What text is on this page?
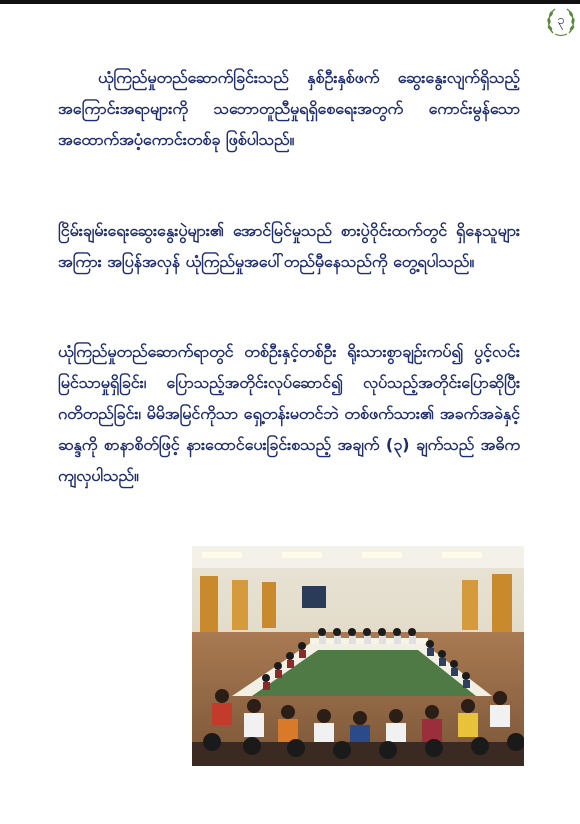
၃

ယုံကြည်မှုတည်ဆောက်ခြင်းသည် နှစ်ဦးနှစ်ဖက် ဆွေးနွေးလျက်ရှိသည့် အကြောင်းအရာများကို သဘောတူညီမှုရရှိစေရေးအတွက် ကောင်းမွန်သော အထောက်အပံ့ကောင်းတစ်ခု ဖြစ်ပါသည်။

ငြိမ်းချမ်းရေးဆွေးနွေးပွဲများ၏ အောင်မြင်မှုသည် စားပွဲဝိုင်းထက်တွင် ရှိနေသူများအကြား အပြန်အလှန် ယုံကြည်မှုအပေါ်တည်မှီနေသည်ကို တွေ့ရပါသည်။

ယုံကြည်မှုတည်ဆောက်ရာတွင် တစ်ဦးနှင့်တစ်ဦး ရိုးသားစွာချဉ်းကပ်၍ ပွင့်လင်းမြင်သာမှုရှိခြင်း၊ ပြောသည့်အတိုင်းလုပ်ဆောင်၍ လုပ်သည့်အတိုင်းပြောဆိုပြီး ဂတိတည်ခြင်း၊ မိမိအမြင်ကိုသာ ရှေ့တန်းမတင်ဘဲ တစ်ဖက်သား၏ အခက်အခဲနှင့် ဆန္ဒကို စာနာစိတ်ဖြင့် နားထောင်ပေးခြင်းစသည့် အချက် (၃) ချက်သည် အဓိကကျလှပါသည်။
